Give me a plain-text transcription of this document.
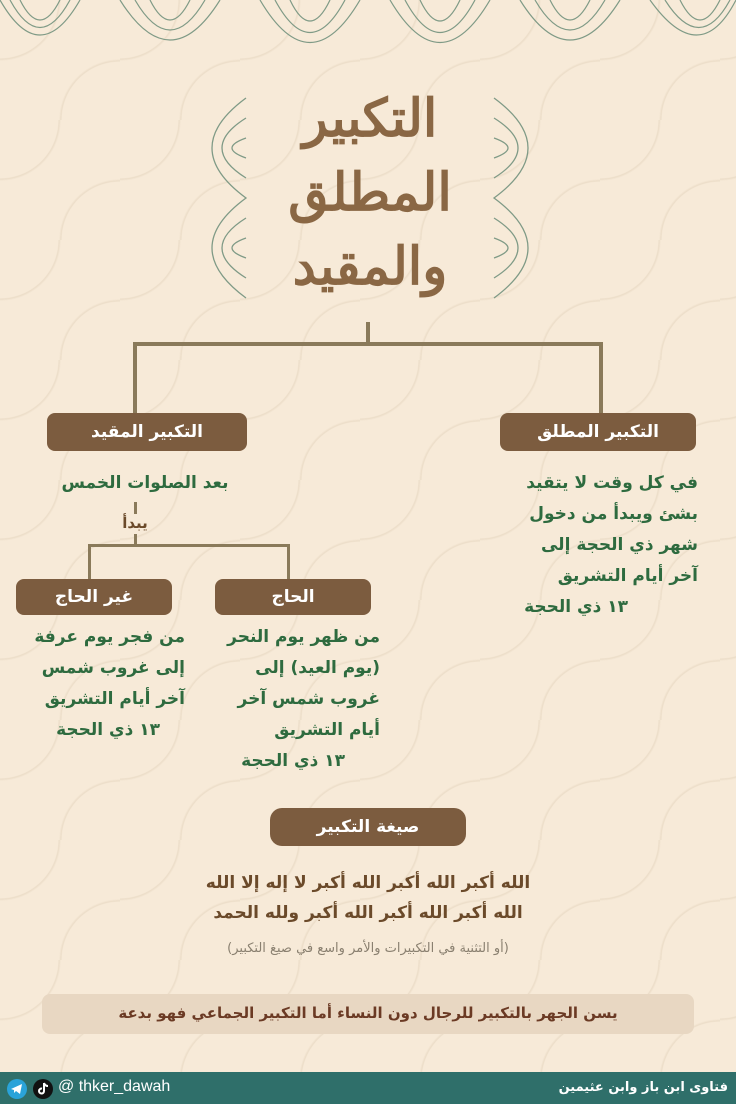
التكبير
المطلق
والمقيد
التكبير المقيد
بعد الصلوات الخمس
يبدأ
التكبير المطلق
في كل وقت لا يتقيد
بشئ ويبدأ من دخول
شهر ذي الحجة إلى
آخر أيام التشريق
١٣ ذي الحجة
غير الحاج
من فجر يوم عرفة
إلى غروب شمس
آخر أيام التشريق
١٣ ذي الحجة
الحاج
من ظهر يوم النحر
(يوم العيد) إلى
غروب شمس آخر
أيام التشريق
١٣ ذي الحجة
صيغة التكبير
الله أكبر الله أكبر الله أكبر لا إله إلا الله
الله أكبر الله أكبر الله أكبر ولله الحمد
(أو التثنية في التكبيرات والأمر واسع في صيغ التكبير)
يسن الجهر بالتكبير للرجال دون النساء أما التكبير الجماعي فهو بدعة
@ thker_dawah	فتاوى ابن باز وابن عثيمين
